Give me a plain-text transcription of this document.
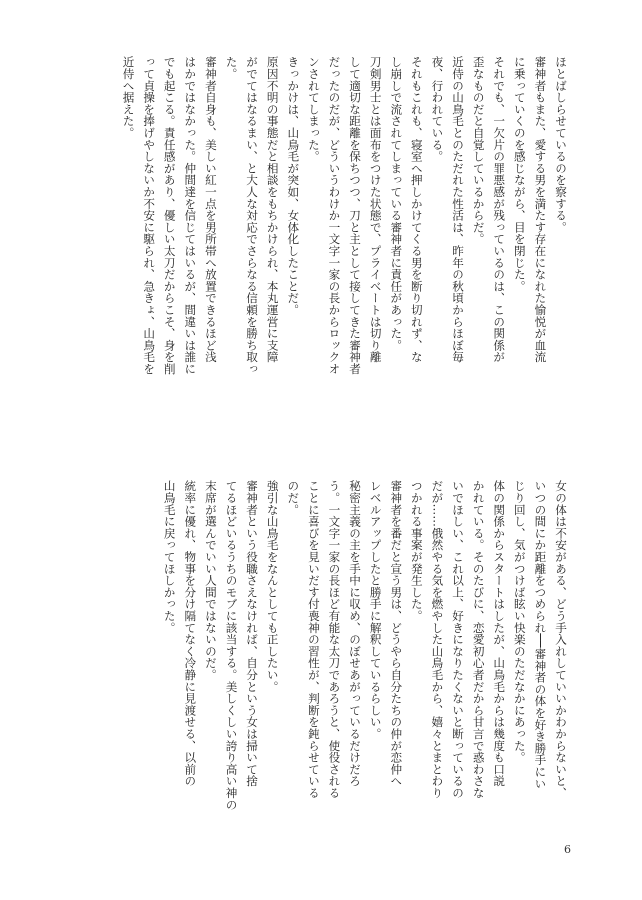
ほとばしらせているのを察する。
審神者もまた、愛する男を満たす存在になれた愉悦が血流
に乗っていくのを感じながら、目を閉じた。
それでも、一欠片の罪悪感が残っているのは、この関係が
歪なものだと自覚しているからだ。
近侍の山鳥毛とのただれた性活は、昨年の秋頃からほぼ毎
夜、行われている。
それもこれも、寝室へ押しかけてくる男を断り切れず、な
し崩しで流されてしまっている審神者に責任があった。
刀剣男士とは面布をつけた状態で、プライベートは切り離
して適切な距離を保ちつつ、刀と主として接してきた審神者
だったのだが、どういうわけか一文字一家の長からロックオ
ンされてしまった。
きっかけは、山鳥毛が突如、女体化したことだ。
原因不明の事態だと相談をもちかけられ、本丸運営に支障
がでてはなるまい、と大人な対応でさらなる信頼を勝ち取っ
た。
審神者自身も、美しい紅一点を男所帯へ放置できるほど浅
はかではなかった。仲間達を信じてはいるが、間違いは誰に
でも起こる。責任感があり、優しい太刀だからこそ、身を削
って貞操を捧げやしないか不安に駆られ、急きょ、山鳥毛を
近侍へ据えた。
女の体は不安がある、どう手入れしていいかわからないと、
いつの間にか距離をつめられ──審神者の体を好き勝手にい
じり回し、気がつけば眩い快楽のただなかにあった。
体の関係からスタートはしたが、山鳥毛からは幾度も口説
かれている。そのたびに、恋愛初心者だから甘言で惑わさな
いでほしい、これ以上、好きになりたくないと断っているの
だが……俄然やる気を燃やした山鳥毛から、嬉々とまとわり
つかれる事案が発生した。
審神者を番だと宣う男は、どうやら自分たちの仲が恋仲へ
レベルアップしたと勝手に解釈しているらしい。
秘密主義の主を手中に収め、のぼせあがっているだけだろ
う。一文字一家の長ほど有能な太刀であろうと、使役される
ことに喜びを見いだす付喪神の習性が、判断を鈍らせている
のだ。
強引な山鳥毛をなんとしても正したい。
審神者という役職さえなければ、自分という女は掃いて捨
てるほどいるうちのモブに該当する。美しくしい誇り高い神の
末席が選んでいい人間ではないのだ。
統率に優れ、物事を分け隔てなく冷静に見渡せる、以前の
山鳥毛に戻ってほしかった。
6
